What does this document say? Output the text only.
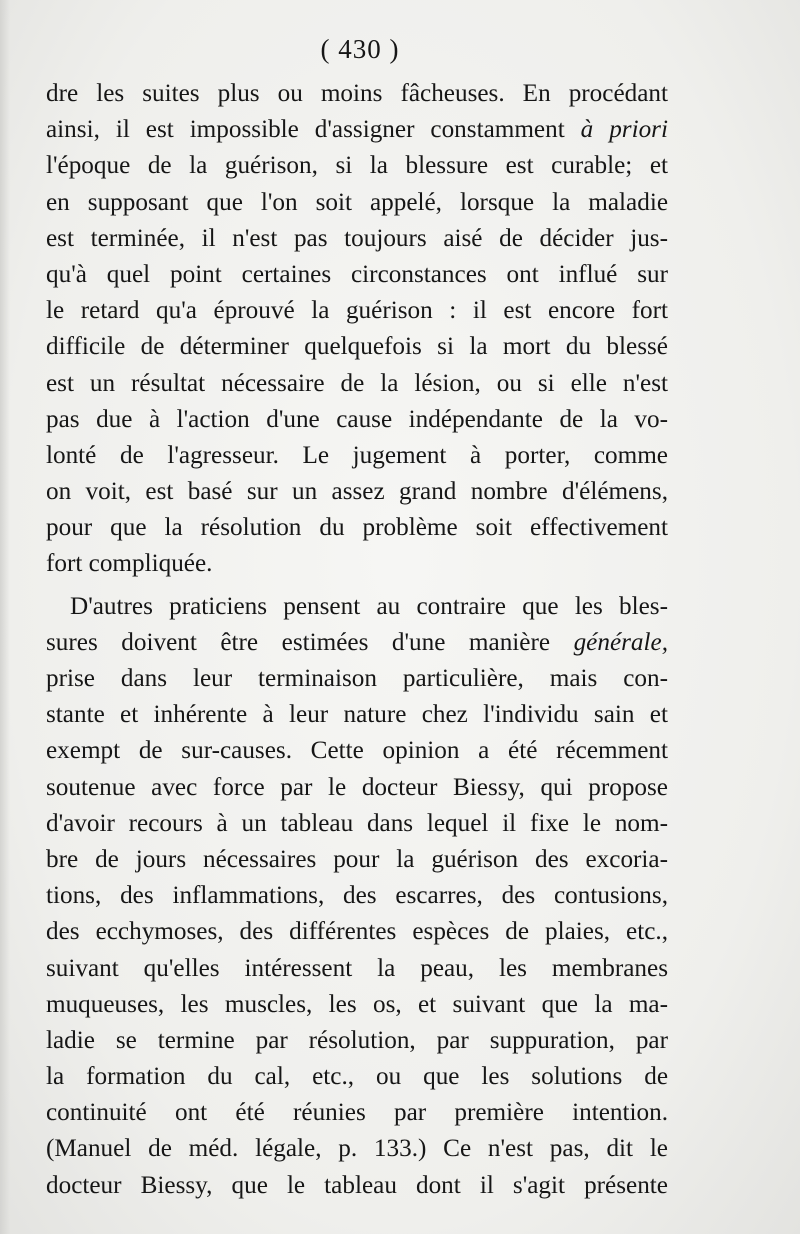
( 430 )
dre les suites plus ou moins fâcheuses. En procédant
ainsi, il est impossible d'assigner constamment à priori
l'époque de la guérison, si la blessure est curable; et
en supposant que l'on soit appelé, lorsque la maladie
est terminée, il n'est pas toujours aisé de décider jus-
qu'à quel point certaines circonstances ont influé sur
le retard qu'a éprouvé la guérison : il est encore fort
difficile de déterminer quelquefois si la mort du blessé
est un résultat nécessaire de la lésion, ou si elle n'est
pas due à l'action d'une cause indépendante de la vo-
lonté de l'agresseur. Le jugement à porter, comme
on voit, est basé sur un assez grand nombre d'élémens,
pour que la résolution du problème soit effectivement
fort compliquée.
D'autres praticiens pensent au contraire que les bles-
sures doivent être estimées d'une manière générale,
prise dans leur terminaison particulière, mais con-
stante et inhérente à leur nature chez l'individu sain et
exempt de sur-causes. Cette opinion a été récemment
soutenue avec force par le docteur Biessy, qui propose
d'avoir recours à un tableau dans lequel il fixe le nom-
bre de jours nécessaires pour la guérison des excoria-
tions, des inflammations, des escarres, des contusions,
des ecchymoses, des différentes espèces de plaies, etc.,
suivant qu'elles intéressent la peau, les membranes
muqueuses, les muscles, les os, et suivant que la ma-
ladie se termine par résolution, par suppuration, par
la formation du cal, etc., ou que les solutions de
continuité ont été réunies par première intention.
(Manuel de méd. légale, p. 133.) Ce n'est pas, dit le
docteur Biessy, que le tableau dont il s'agit présente
